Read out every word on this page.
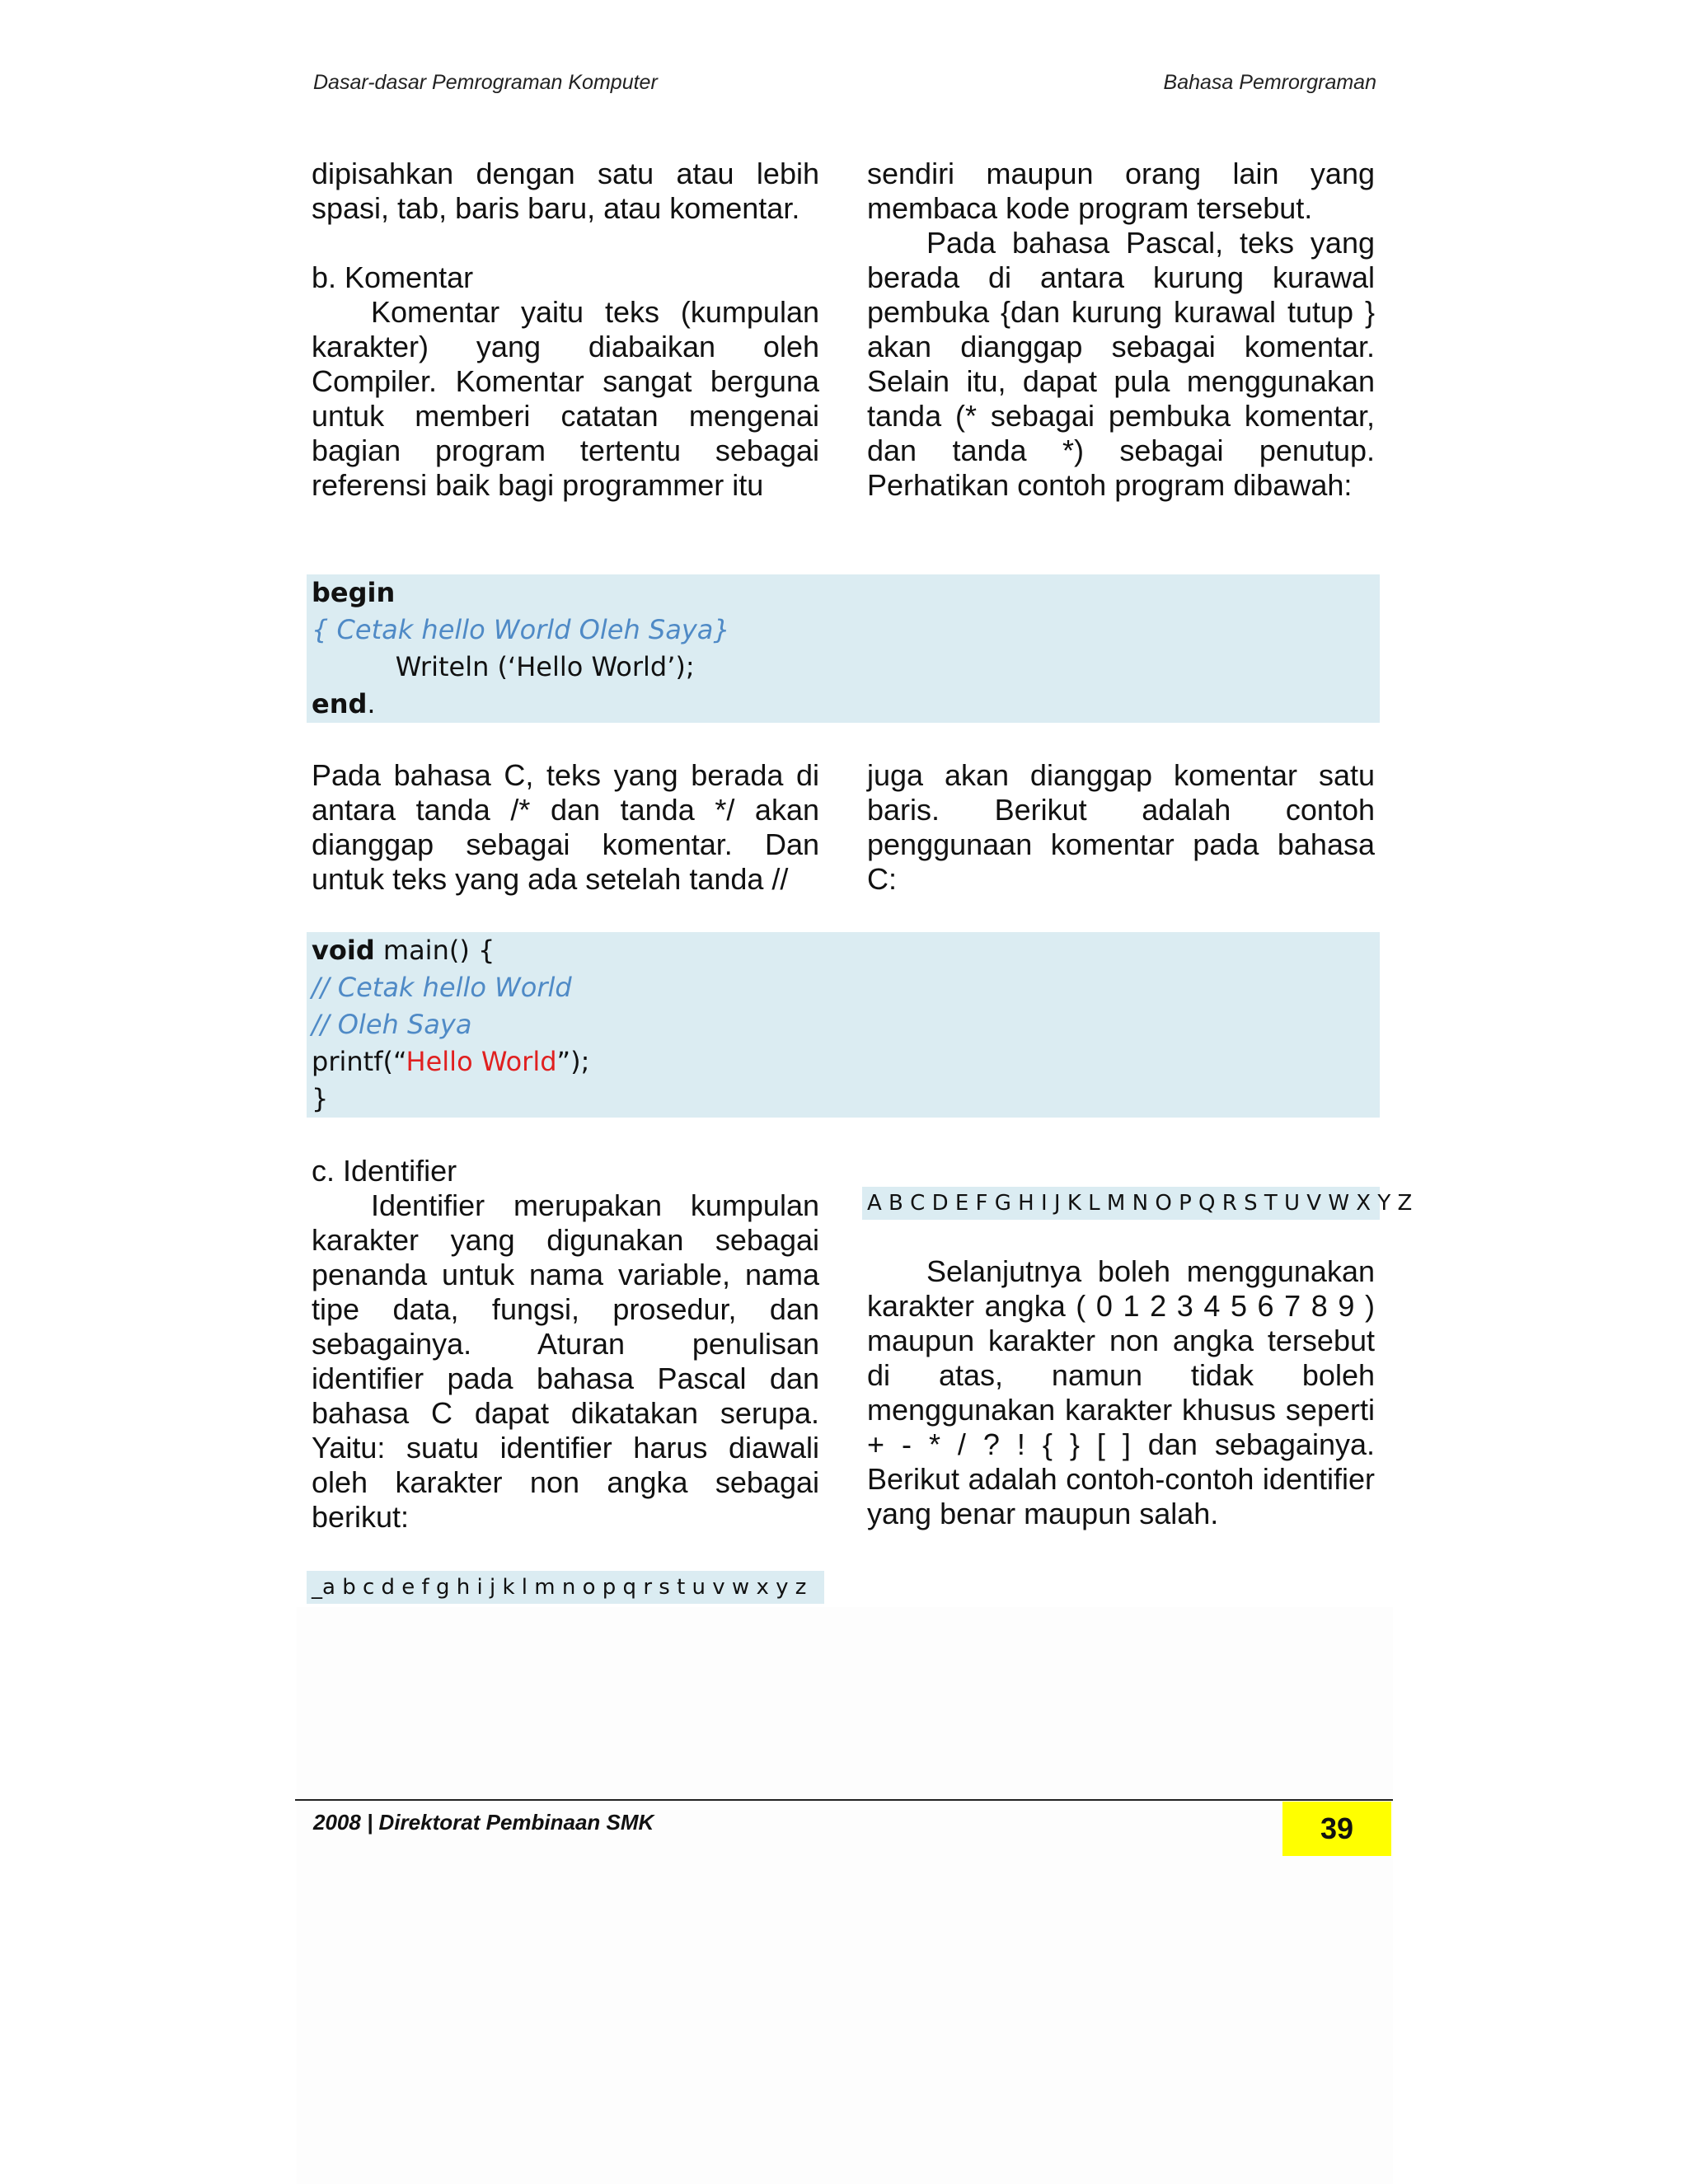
Dasar-dasar Pemrograman Komputer	Bahasa Pemrorgraman

dipisahkan dengan satu atau lebih spasi, tab, baris baru, atau komentar.

b. Komentar

Komentar yaitu teks (kumpulan karakter) yang diabaikan oleh Compiler. Komentar sangat berguna untuk memberi catatan mengenai bagian program tertentu sebagai referensi baik bagi programmer itu

sendiri maupun orang lain yang membaca kode program tersebut.

Pada bahasa Pascal, teks yang berada di antara kurung kurawal pembuka {dan kurung kurawal tutup } akan dianggap sebagai komentar. Selain itu, dapat pula menggunakan tanda (* sebagai pembuka komentar, dan tanda *) sebagai penutup. Perhatikan contoh program dibawah:

begin
{ Cetak hello World Oleh Saya}
Writeln (‘Hello World’);
end.

Pada bahasa C, teks yang berada di antara tanda /* dan tanda */ akan dianggap sebagai komentar. Dan untuk teks yang ada setelah tanda //

juga akan dianggap komentar satu baris. Berikut adalah contoh penggunaan komentar pada bahasa C:

void main() {
// Cetak hello World
// Oleh Saya
printf(“Hello World”);
}
c. Identifier

Identifier merupakan kumpulan karakter yang digunakan sebagai penanda untuk nama variable, nama tipe data, fungsi, prosedur, dan sebagainya. Aturan penulisan identifier pada bahasa Pascal dan bahasa C dapat dikatakan serupa. Yaitu: suatu identifier harus diawali oleh karakter non angka sebagai berikut:

_a b c d e f g h i j k l m n o p q r s t u v w x y z
A B C D E F G H I J K L M N O P Q R S T U V W X Y Z

Selanjutnya boleh menggunakan karakter angka ( 0 1 2 3 4 5 6 7 8 9 ) maupun karakter non angka tersebut di atas, namun tidak boleh menggunakan karakter khusus seperti + - * / ? ! { } [ ] dan sebagainya. Berikut adalah contoh-contoh identifier yang benar maupun salah.

2008 | Direktorat Pembinaan SMK	39
